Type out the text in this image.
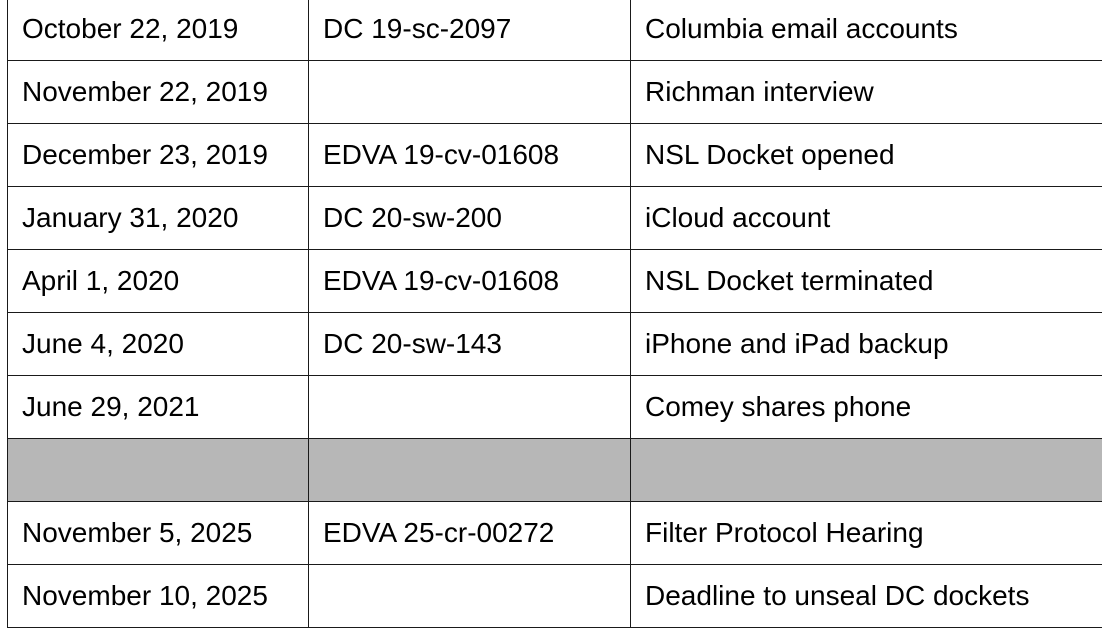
October 22, 2019	DC 19-sc-2097	Columbia email accounts
November 22, 2019		Richman interview
December 23, 2019	EDVA 19-cv-01608	NSL Docket opened
January 31, 2020	DC 20-sw-200	iCloud account
April 1, 2020	EDVA 19-cv-01608	NSL Docket terminated
June 4, 2020	DC 20-sw-143	iPhone and iPad backup
June 29, 2021		Comey shares phone

November 5, 2025	EDVA 25-cr-00272	Filter Protocol Hearing
November 10, 2025		Deadline to unseal DC dockets
